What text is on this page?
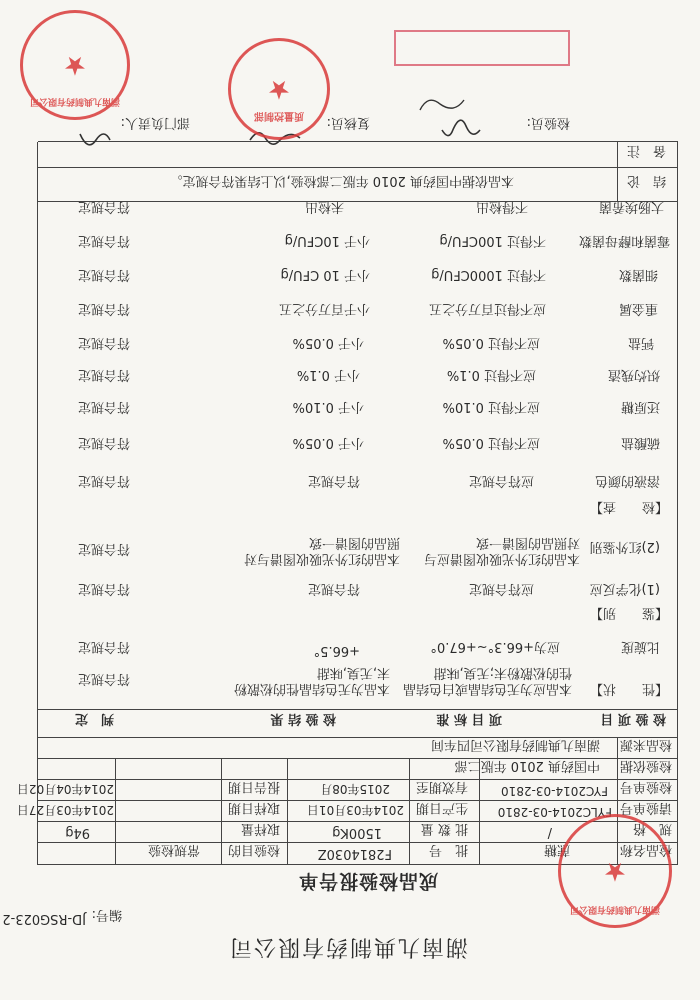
湖南九典制药有限公司
编号:
JD-RSG023-2
成品检验报告单
检品名称
蔗糖
批　号
F2814030Z
检验目的
常规检验
规　格
/
批 数 量
1500Kg
取样量
94g
请验单号
FYLC2014-03-2810
生产日期
2014年03月01日
取样日期
2014年03月27日
检验单号
FYC2014-03-2810
有效期至
2015年08月
报告日期
2014年04月02日
检验依据
中国药典 2010 年版二部
检品来源
湖南九典制药有限公司四车间
检 验 项 目
项 目 标 准
检 验 结 果
判　定
【性　　状】
本品应为无色结晶或白色结晶
性的松散粉末;无臭,味甜
本品为无色结晶性的松散粉
末,无臭,味甜
符合规定
比旋度
应为+66.3°~+67.0°
+66.5°
符合规定
【鉴　　别】
(1)化学反应
应符合规定
符合规定
符合规定
(2)红外鉴别
本品的红外光吸收图谱应与
对照品的图谱一致
本品的红外光吸收图谱与对
照品的图谱一致
符合规定
【检　　查】
溶液的颜色
应符合规定
符合规定
符合规定
硫酸盐
应不得过 0.05%
小于 0.05%
符合规定
还原糖
应不得过 0.10%
小于 0.10%
符合规定
炽灼残渣
应不得过 0.1%
小于 0.1%
符合规定
钙盐
应不得过 0.05%
小于 0.05%
符合规定
重金属
应不得过百万分之五
小于百万分之五
符合规定
细菌数
不得过 1000CFU/g
小于 10 CFU/g
符合规定
霉菌和酵母菌数
不得过 100CFU/g
小于 10CFU/g
符合规定
大肠埃希菌
不得检出
未检出
符合规定
结　论
本品依据中国药典 2010 年版二部检验,以上结果符合规定。
备　注
检验员:
复核员:
部门负责人:
★
湖南九典制药有限公司
★
质量控制部
★
湖南九典制药有限公司
